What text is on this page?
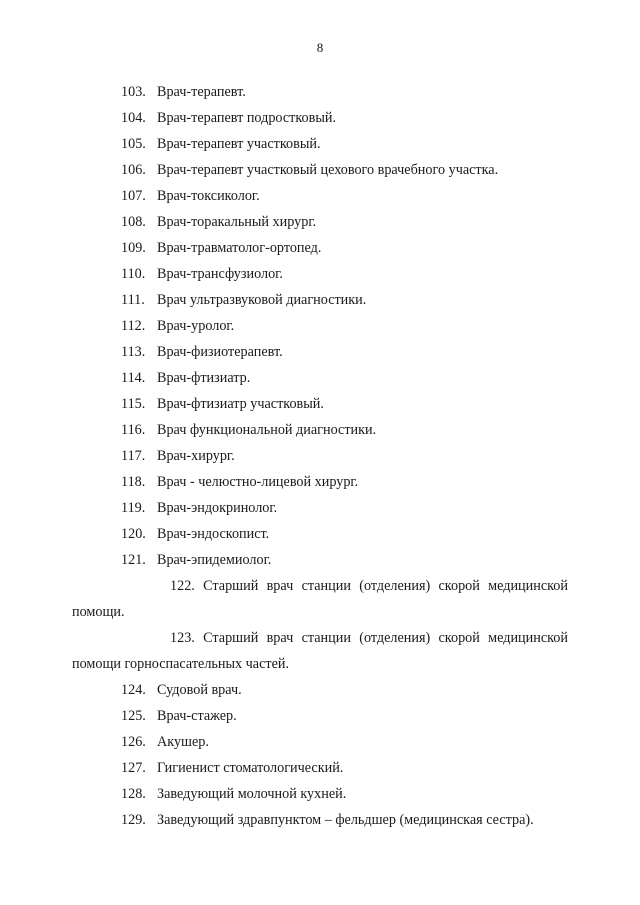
8

103. Врач-терапевт.

104. Врач-терапевт подростковый.

105. Врач-терапевт участковый.

106. Врач-терапевт участковый цехового врачебного участка.

107. Врач-токсиколог.

108. Врач-торакальный хирург.

109. Врач-травматолог-ортопед.

110. Врач-трансфузиолог.

111. Врач ультразвуковой диагностики.

112. Врач-уролог.

113. Врач-физиотерапевт.

114. Врач-фтизиатр.

115. Врач-фтизиатр участковый.

116. Врач функциональной диагностики.

117. Врач-хирург.

118. Врач - челюстно-лицевой хирург.

119. Врач-эндокринолог.

120. Врач-эндоскопист.

121. Врач-эпидемиолог.

122. Старший врач станции (отделения) скорой медицинской помощи.

123. Старший врач станции (отделения) скорой медицинской помощи горноспасательных частей.

124. Судовой врач.

125. Врач-стажер.

126. Акушер.

127. Гигиенист стоматологический.

128. Заведующий молочной кухней.

129. Заведующий здравпунктом – фельдшер (медицинская сестра).
